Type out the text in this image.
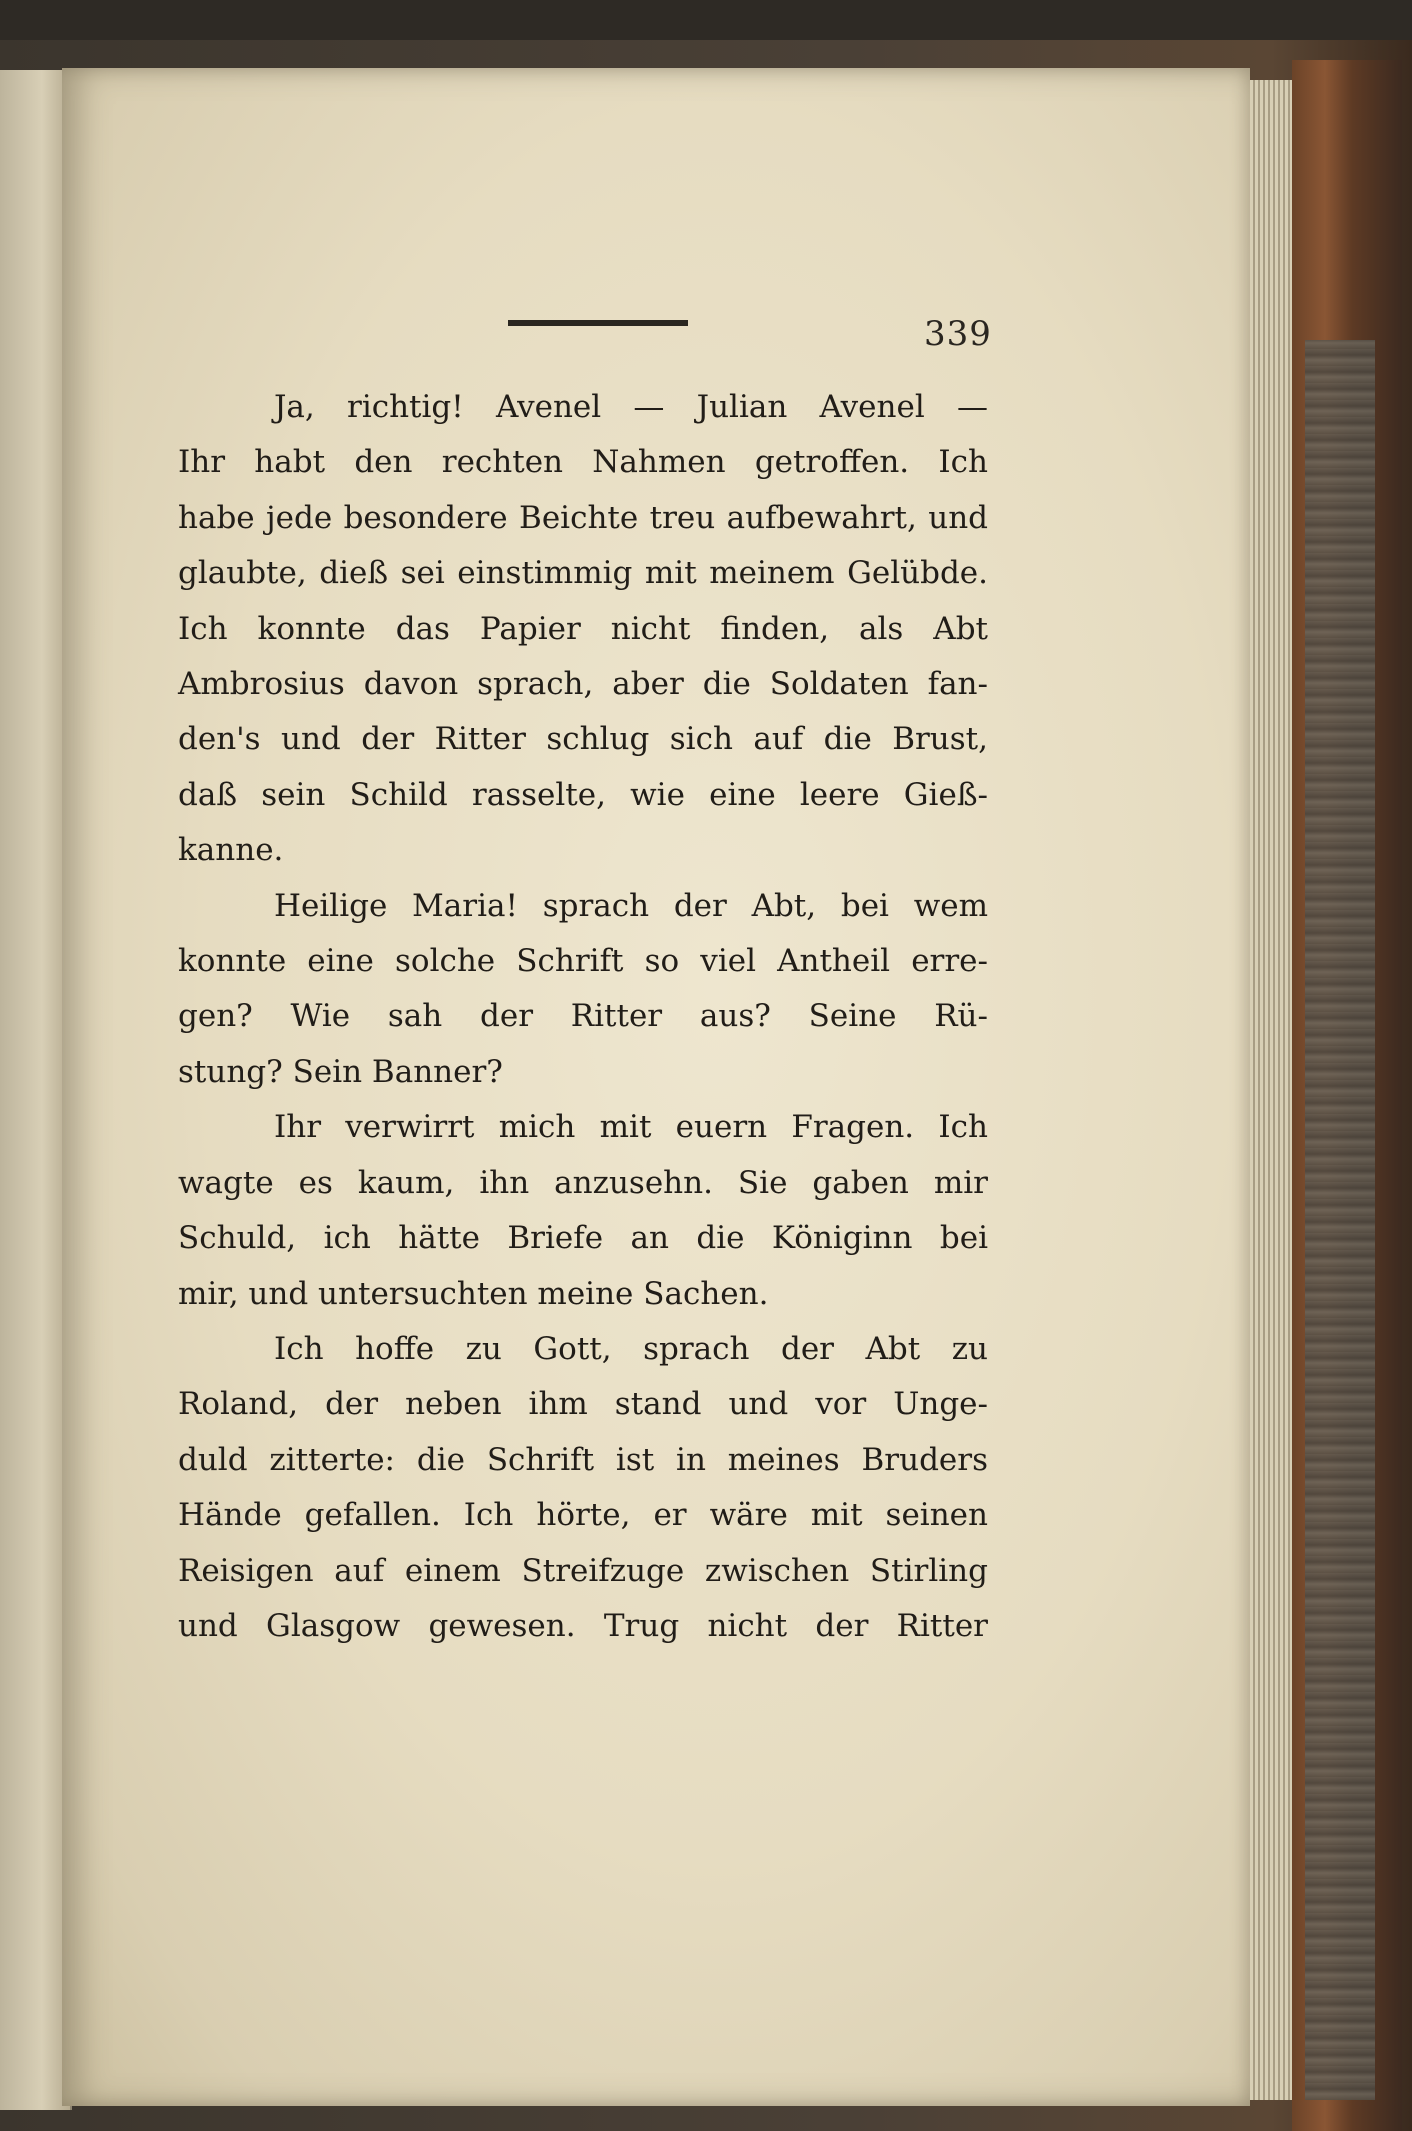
339
Ja, richtig! Avenel — Julian Avenel —
Ihr habt den rechten Nahmen getroffen. Ich
habe jede besondere Beichte treu aufbewahrt, und
glaubte, dieß sei einstimmig mit meinem Gelübde.
Ich konnte das Papier nicht finden, als Abt
Ambrosius davon sprach, aber die Soldaten fan-
den's und der Ritter schlug sich auf die Brust,
daß sein Schild rasselte, wie eine leere Gieß-
kanne.
Heilige Maria! sprach der Abt, bei wem
konnte eine solche Schrift so viel Antheil erre-
gen? Wie sah der Ritter aus? Seine Rü-
stung? Sein Banner?
Ihr verwirrt mich mit euern Fragen. Ich
wagte es kaum, ihn anzusehn. Sie gaben mir
Schuld, ich hätte Briefe an die Königinn bei
mir, und untersuchten meine Sachen.
Ich hoffe zu Gott, sprach der Abt zu
Roland, der neben ihm stand und vor Unge-
duld zitterte: die Schrift ist in meines Bruders
Hände gefallen. Ich hörte, er wäre mit seinen
Reisigen auf einem Streifzuge zwischen Stirling
und Glasgow gewesen. Trug nicht der Ritter
